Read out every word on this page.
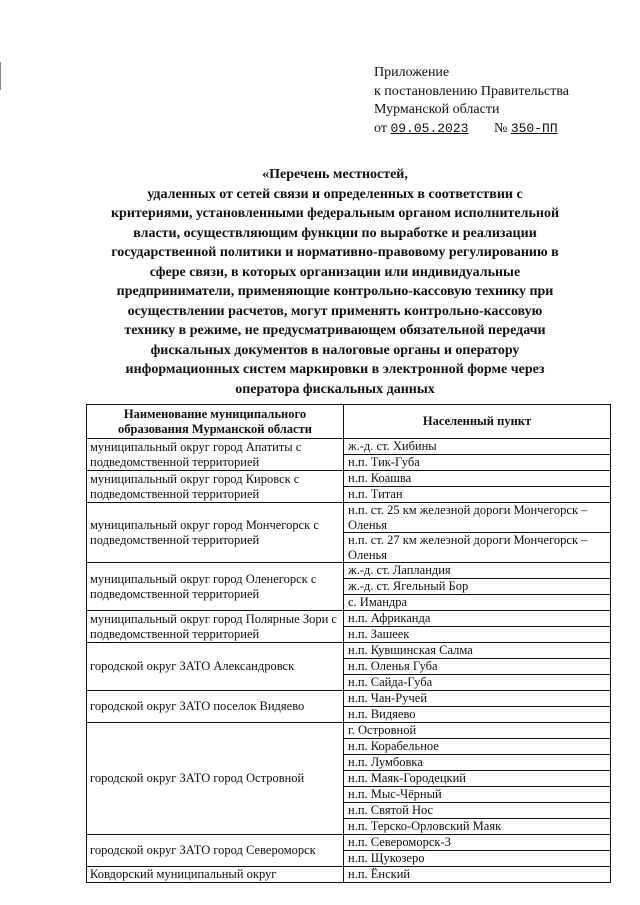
Приложение
к постановлению Правительства
Мурманской области
от 09.05.2023 № 350-ПП
«Перечень местностей,
удаленных от сетей связи и определенных в соответствии с
критериями, установленными федеральным органом исполнительной
власти, осуществляющим функции по выработке и реализации
государственной политики и нормативно-правовому регулированию в
сфере связи, в которых организации или индивидуальные
предприниматели, применяющие контрольно-кассовую технику при
осуществлении расчетов, могут применять контрольно-кассовую
технику в режиме, не предусматривающем обязательной передачи
фискальных документов в налоговые органы и оператору
информационных систем маркировки в электронной форме через
оператора фискальных данных
Наименование муниципального образования Мурманской области	Населенный пункт
муниципальный округ город Апатиты с подведомственной территорией	ж.-д. ст. Хибины
	н.п. Тик-Губа
муниципальный округ город Кировск с подведомственной территорией	н.п. Коашва
	н.п. Титан
муниципальный округ город Мончегорск с подведомственной территорией	н.п. ст. 25 км железной дороги Мончегорск – Оленья
	н.п. ст. 27 км железной дороги Мончегорск – Оленья
муниципальный округ город Оленегорск с подведомственной территорией	ж.-д. ст. Лапландия
	ж.-д. ст. Ягельный Бор
	с. Имандра
муниципальный округ город Полярные Зори с подведомственной территорией	н.п. Африканда
	н.п. Зашеек
городской округ ЗАТО Александровск	н.п. Кувшинская Салма
	н.п. Оленья Губа
	н.п. Сайда-Губа
городской округ ЗАТО поселок Видяево	н.п. Чан-Ручей
	н.п. Видяево
городской округ ЗАТО город Островной	г. Островной
	н.п. Корабельное
	н.п. Лумбовка
	н.п. Маяк-Городецкий
	н.п. Мыс-Чёрный
	н.п. Святой Нос
	н.п. Терско-Орловский Маяк
городской округ ЗАТО город Североморск	н.п. Североморск-3
	н.п. Щукозеро
Ковдорский муниципальный округ	н.п. Ёнский
